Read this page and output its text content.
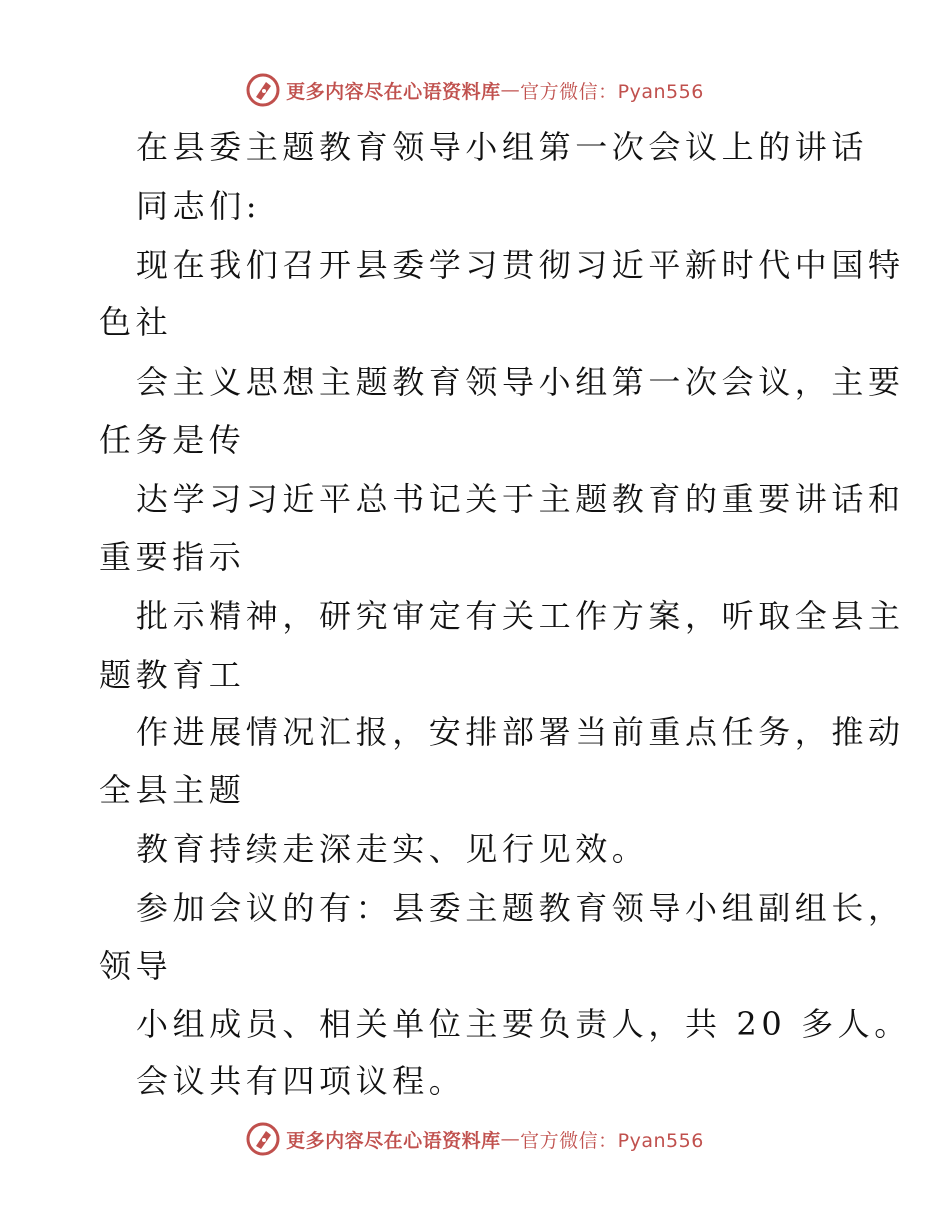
更多内容尽在心语资料库 — 官方微信：Pyan556
在县委主题教育领导小组第一次会议上的讲话
同志们:
现在我们召开县委学习贯彻习近平新时代中国特
色社
会主义思想主题教育领导小组第一次会议，主要
任务是传
达学习习近平总书记关于主题教育的重要讲话和
重要指示
批示精神，研究审定有关工作方案，听取全县主
题教育工
作进展情况汇报，安排部署当前重点任务，推动
全县主题
教育持续走深走实、见行见效。
参加会议的有：县委主题教育领导小组副组长，
领导
小组成员、相关单位主要负责人，共 20 多人。
会议共有四项议程。
更多内容尽在心语资料库 — 官方微信：Pyan556
